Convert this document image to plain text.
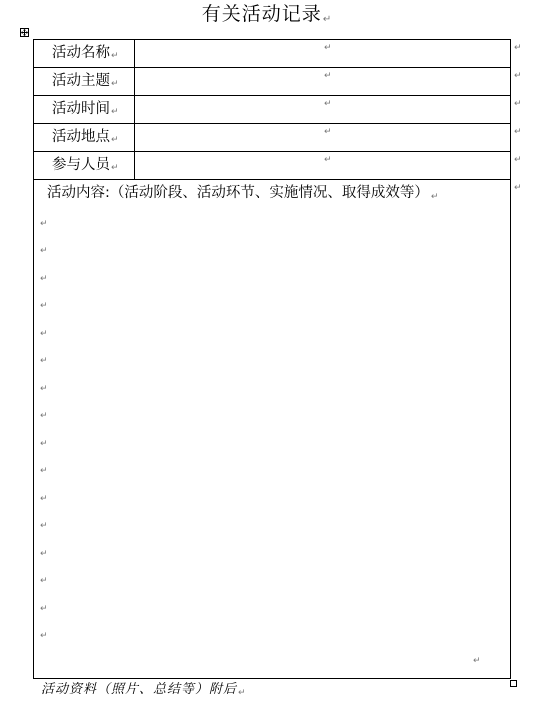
有关活动记录↵
活动名称↵
↵
活动主题↵
↵
活动时间↵
↵
活动地点↵
↵
参与人员↵
↵
活动内容:（活动阶段、活动环节、实施情况、取得成效等） ↵
↵
↵
↵
↵
↵
↵
↵
↵
↵
↵
↵
↵
↵
↵
↵
↵
↵
↵
↵
↵
↵
↵
↵
活动资料（照片、总结等）附后↵
